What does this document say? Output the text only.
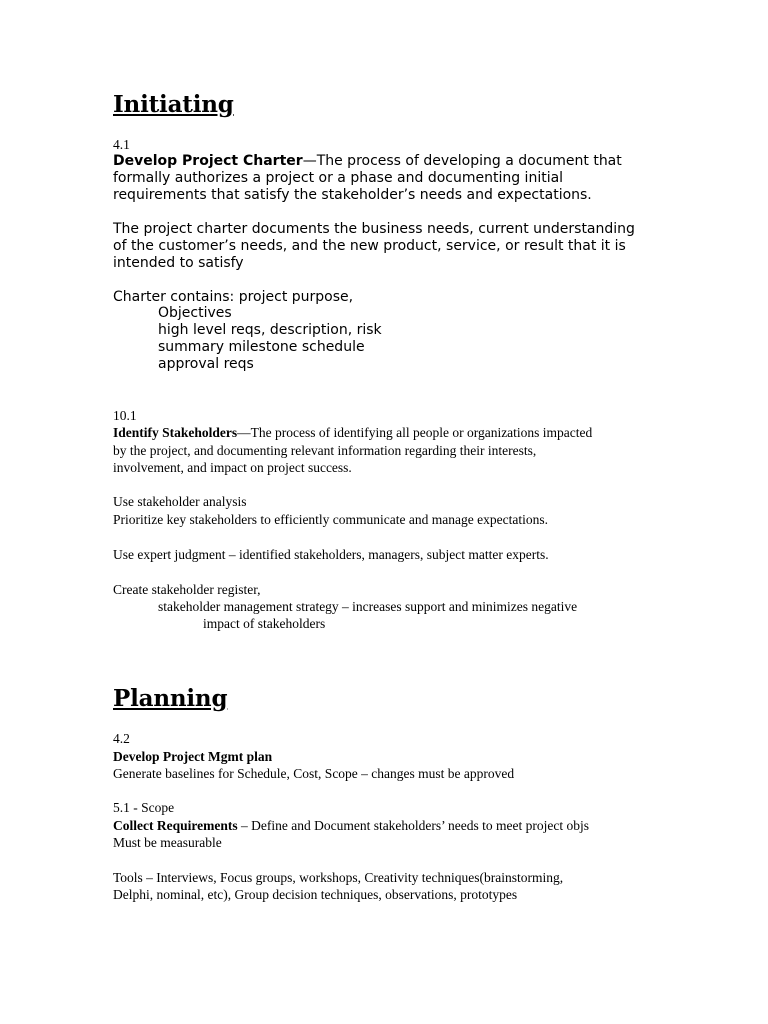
Initiating
4.1
Develop Project Charter—The process of developing a document that
formally authorizes a project or a phase and documenting initial
requirements that satisfy the stakeholder’s needs and expectations.
The project charter documents the business needs, current understanding
of the customer’s needs, and the new product, service, or result that it is
intended to satisfy
Charter contains: project purpose,
Objectives
high level reqs, description, risk
summary milestone schedule
approval reqs
10.1
Identify Stakeholders—The process of identifying all people or organizations impacted
by the project, and documenting relevant information regarding their interests,
involvement, and impact on project success.
Use stakeholder analysis
Prioritize key stakeholders to efficiently communicate and manage expectations.
Use expert judgment – identified stakeholders, managers, subject matter experts.
Create stakeholder register,
stakeholder management strategy – increases support and minimizes negative
impact of stakeholders
Planning
4.2
Develop Project Mgmt plan
Generate baselines for Schedule, Cost, Scope – changes must be approved
5.1 - Scope
Collect Requirements – Define and Document stakeholders’ needs to meet project objs
Must be measurable
Tools – Interviews, Focus groups, workshops, Creativity techniques(brainstorming,
Delphi, nominal, etc), Group decision techniques, observations, prototypes
